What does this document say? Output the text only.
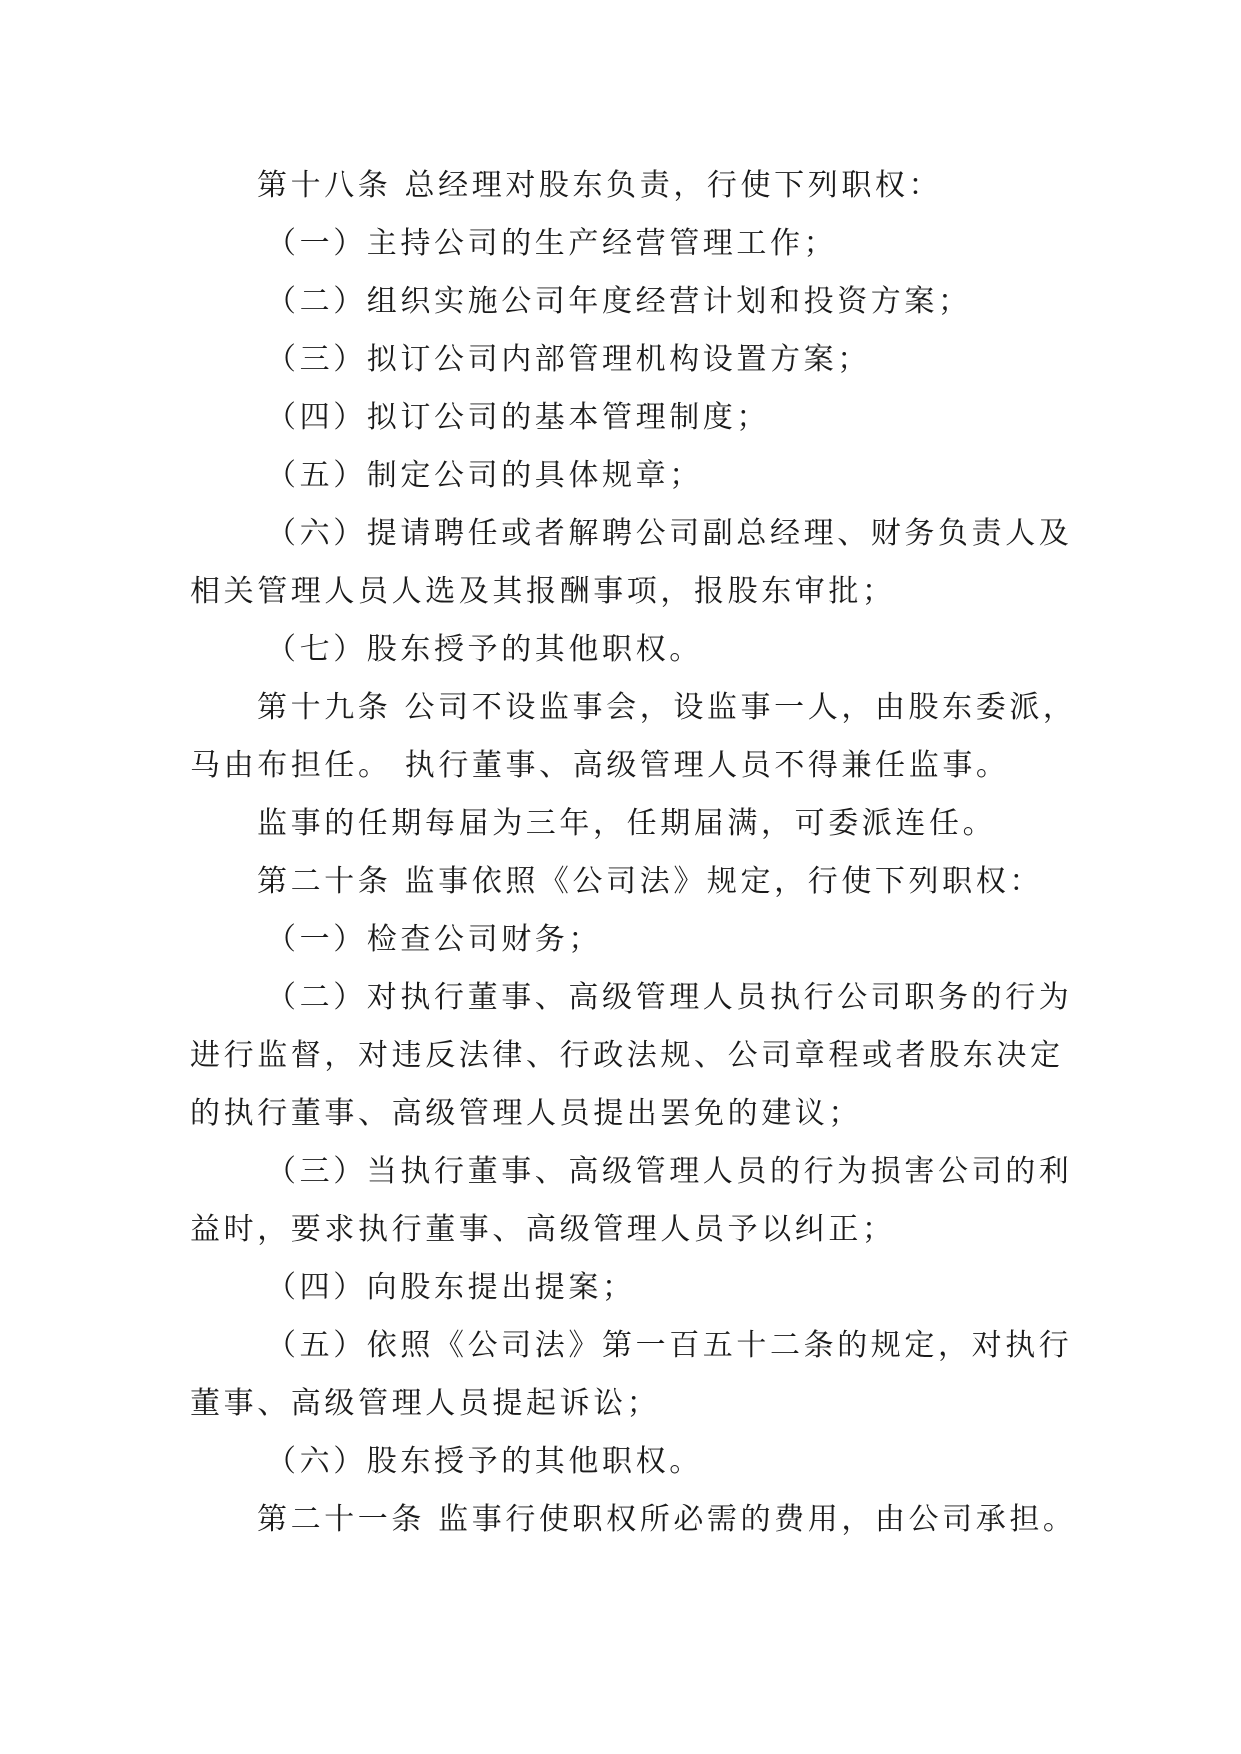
第十八条 总经理对股东负责，行使下列职权：
（一）主持公司的生产经营管理工作；
（二）组织实施公司年度经营计划和投资方案；
（三）拟订公司内部管理机构设置方案；
（四）拟订公司的基本管理制度；
（五）制定公司的具体规章；
（六）提请聘任或者解聘公司副总经理、财务负责人及
相关管理人员人选及其报酬事项，报股东审批；
（七）股东授予的其他职权。
第十九条 公司不设监事会，设监事一人，由股东委派，
马由布担任。 执行董事、高级管理人员不得兼任监事。
监事的任期每届为三年，任期届满，可委派连任。
第二十条 监事依照《公司法》规定，行使下列职权：
（一）检查公司财务；
（二）对执行董事、高级管理人员执行公司职务的行为
进行监督，对违反法律、行政法规、公司章程或者股东决定
的执行董事、高级管理人员提出罢免的建议；
（三）当执行董事、高级管理人员的行为损害公司的利
益时，要求执行董事、高级管理人员予以纠正；
（四）向股东提出提案；
（五）依照《公司法》第一百五十二条的规定，对执行
董事、高级管理人员提起诉讼；
（六）股东授予的其他职权。
第二十一条 监事行使职权所必需的费用，由公司承担。
